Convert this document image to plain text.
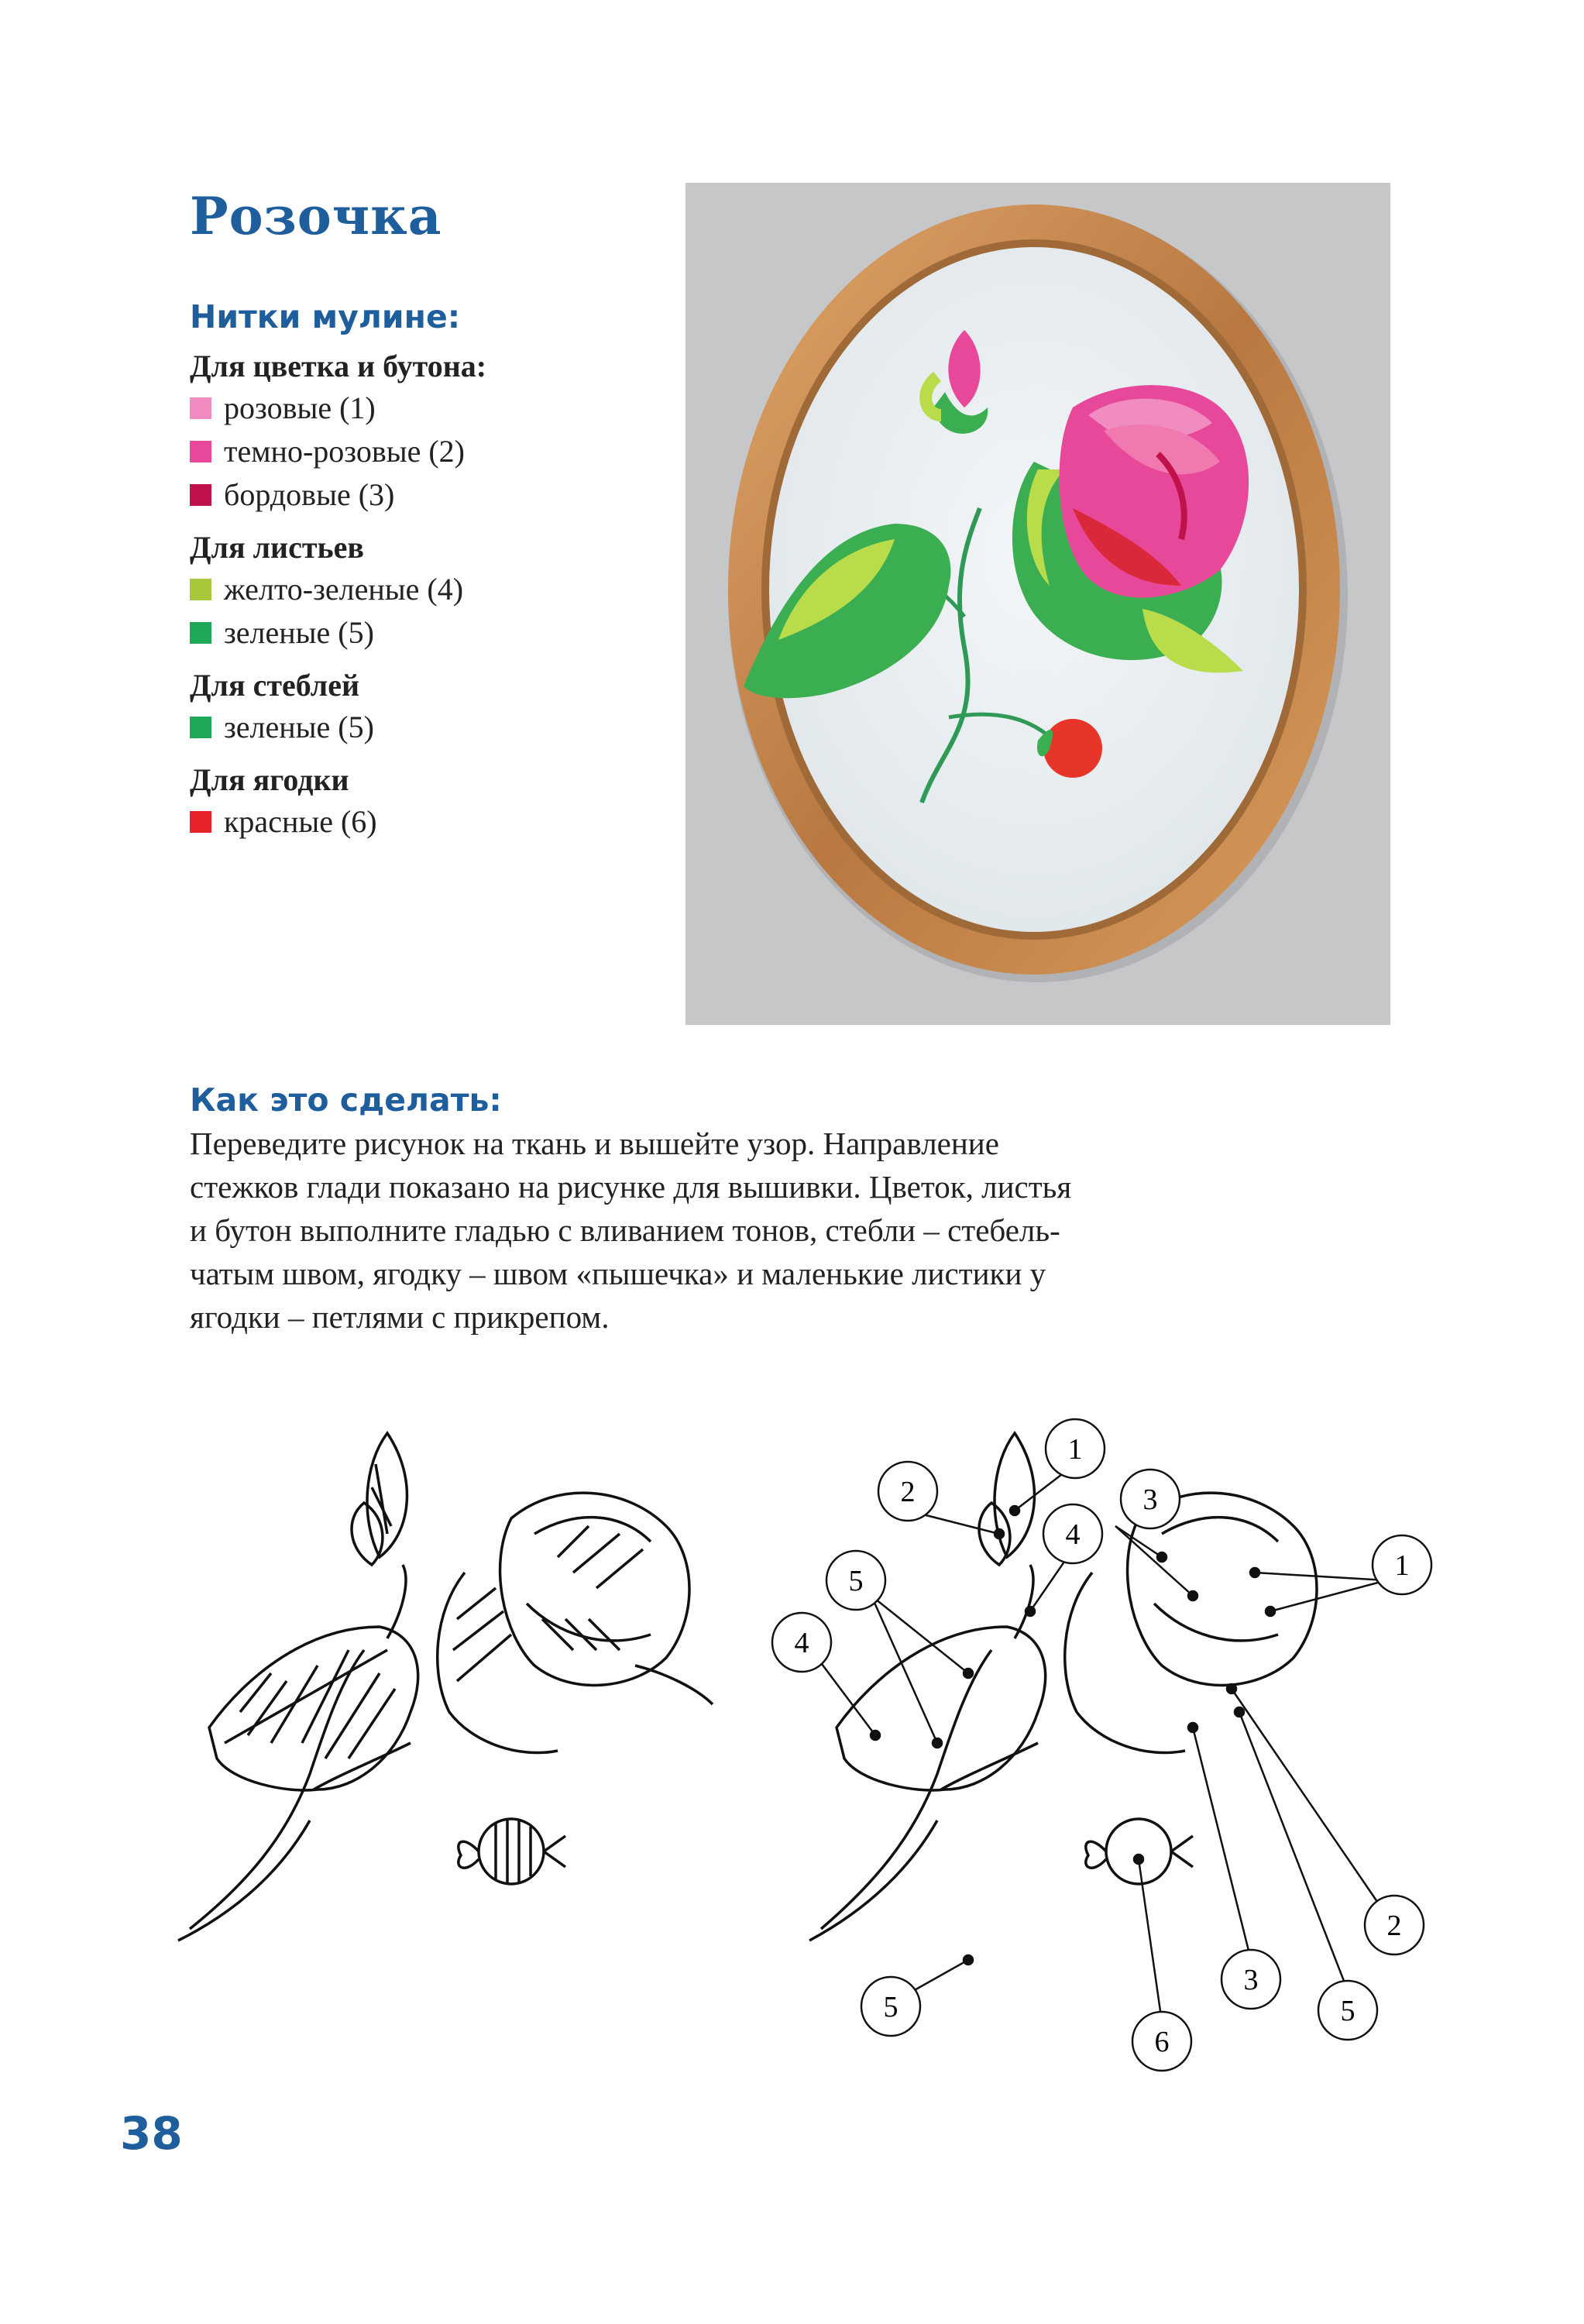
Розочка
Нитки мулине:
Для цветка и бутона:
розовые (1)
темно-розовые (2)
бордовые (3)
Для листьев
желто-зеленые (4)
зеленые (5)
Для стеблей
зеленые (5)
Для ягодки
красные (6)
Как это сделать:

Переведите рисунок на ткань и вышейте узор. Направление
стежков глади показано на рисунке для вышивки. Цветок, листья
и бутон выполните гладью с вливанием тонов, стебли – стебель-
чатым швом, ягодку – швом «пышечка» и маленькие листики у
ягодки – петлями с прикрепом.

1
2
4
3
1
5
4
2
3
5
5
6
38
